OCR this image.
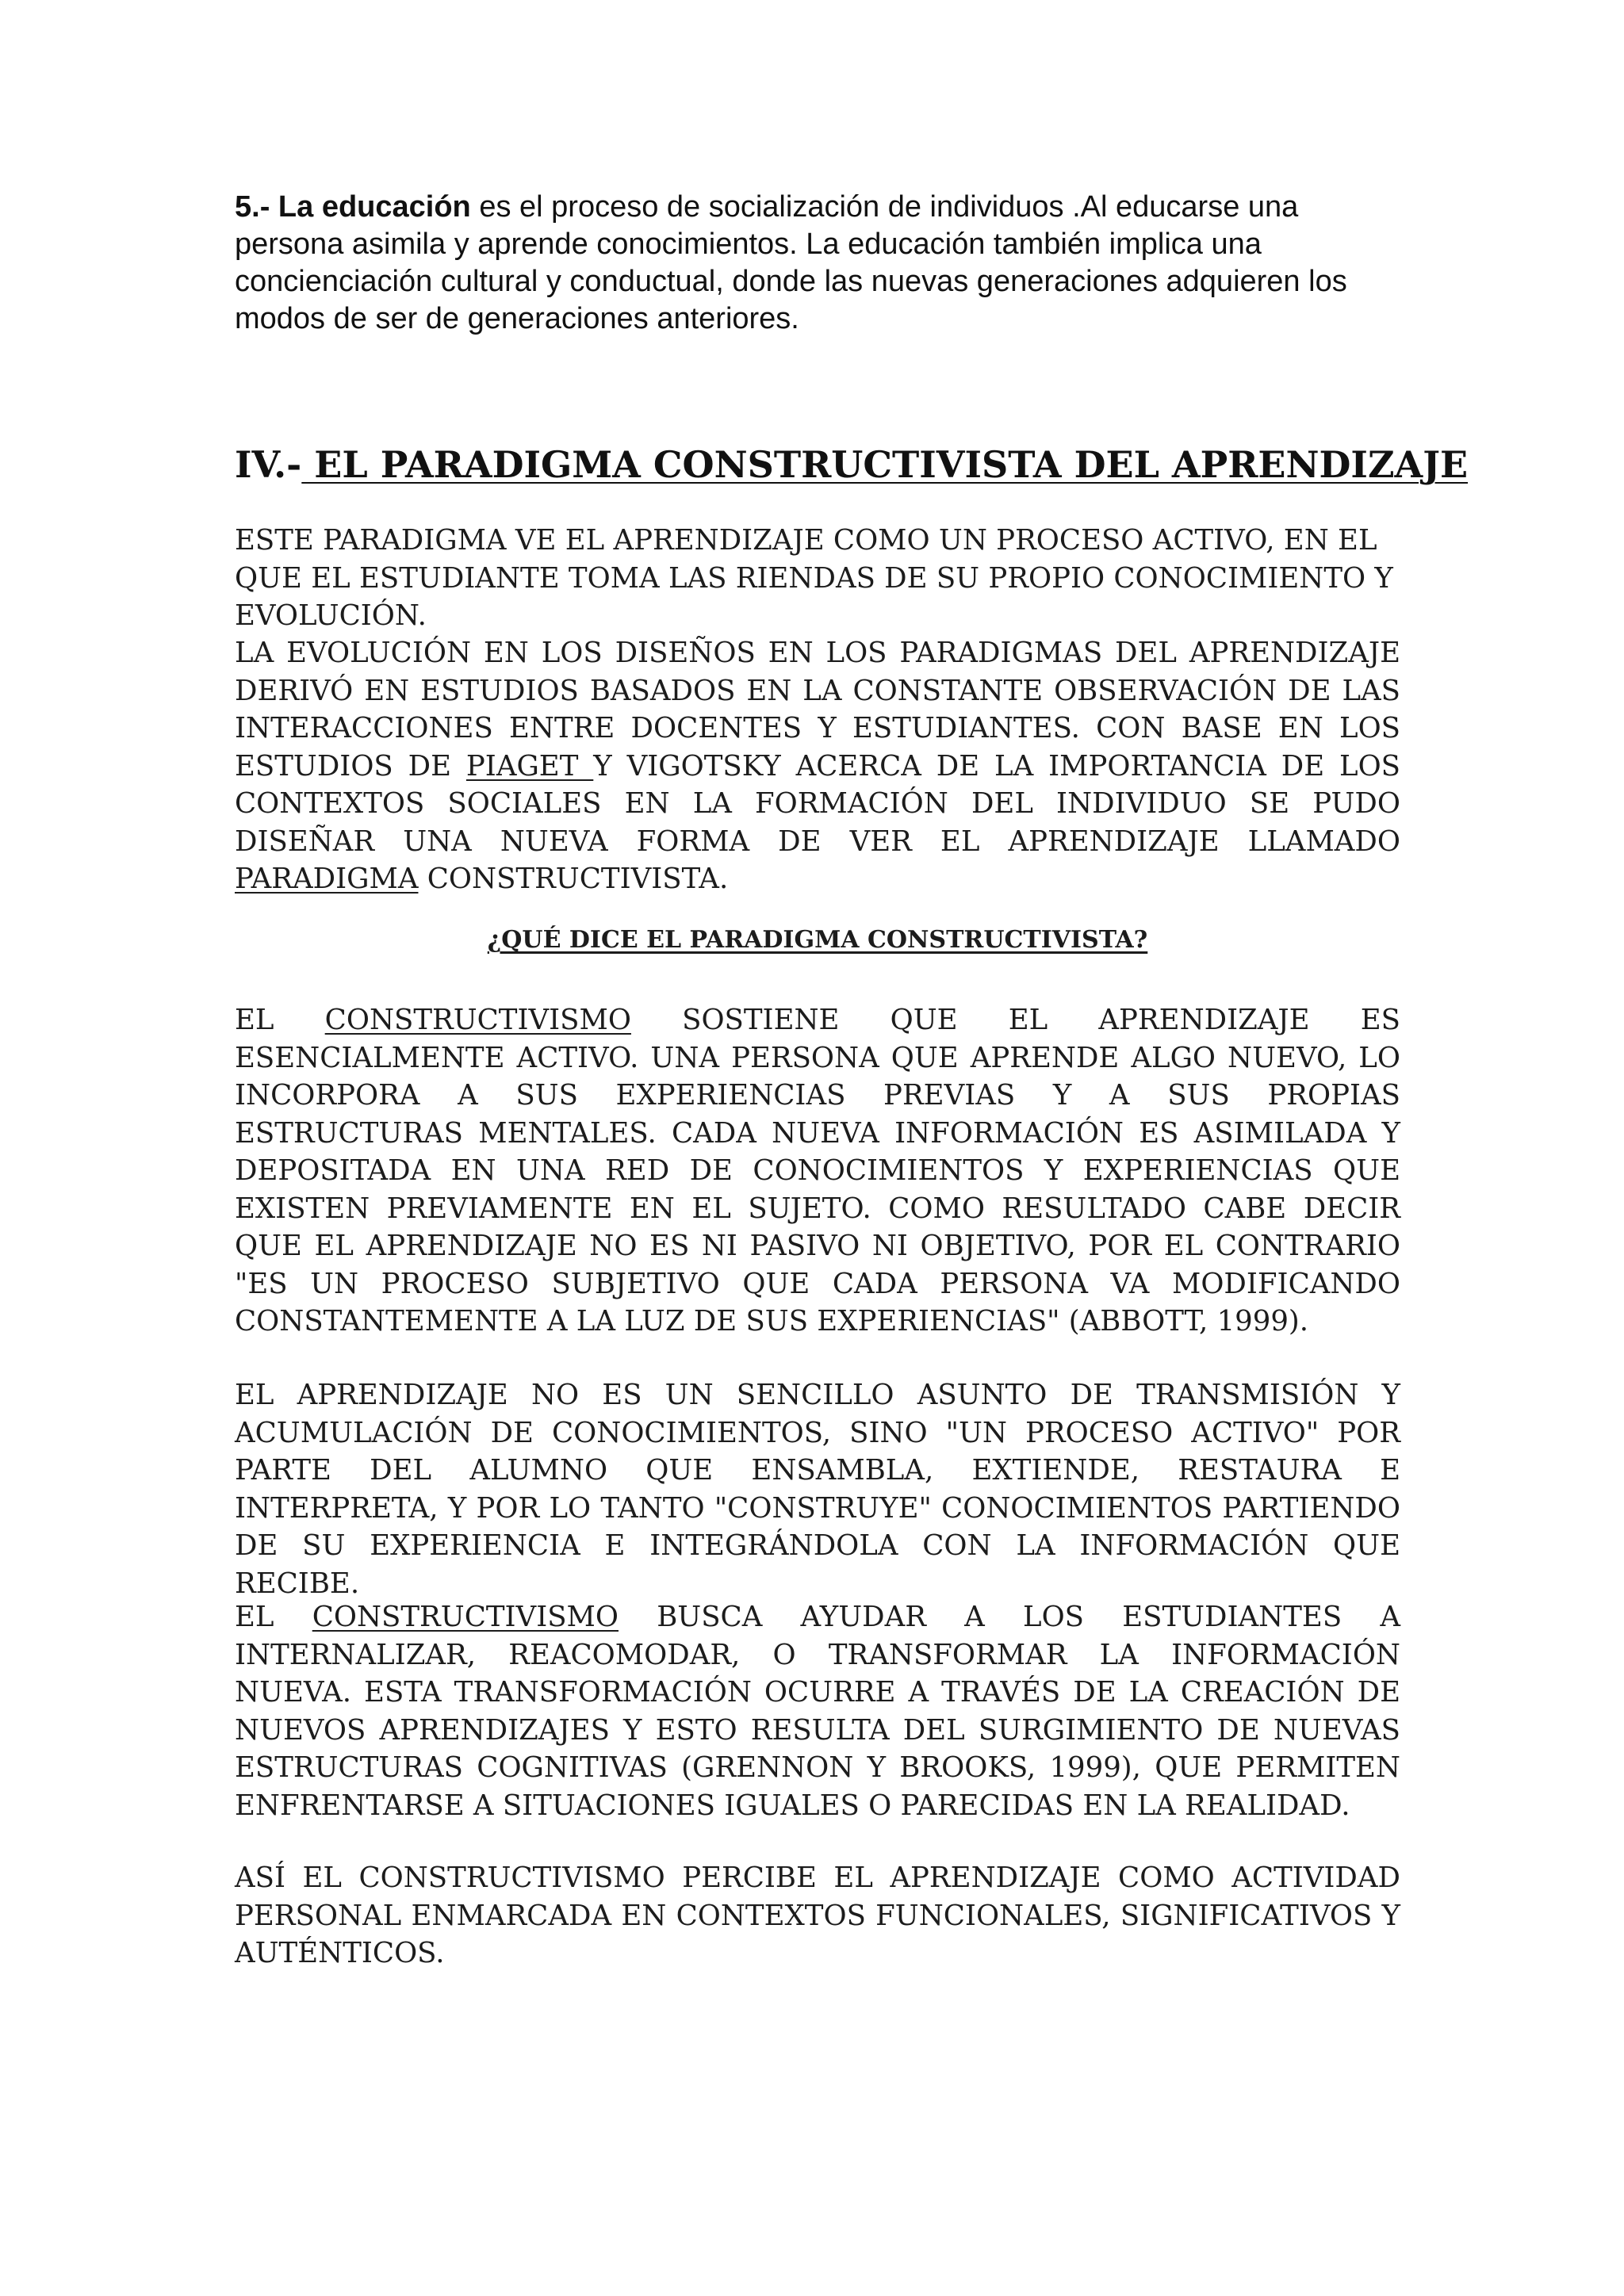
5.- La educación es el proceso de socialización de individuos .Al educarse una persona asimila y aprende conocimientos. La educación también implica una concienciación cultural y conductual, donde las nuevas generaciones adquieren los modos de ser de generaciones anteriores.

IV.- EL PARADIGMA CONSTRUCTIVISTA DEL APRENDIZAJE

ESTE PARADIGMA VE EL APRENDIZAJE COMO UN PROCESO ACTIVO, EN EL QUE EL ESTUDIANTE TOMA LAS RIENDAS DE SU PROPIO CONOCIMIENTO Y EVOLUCIÓN.

LA EVOLUCIÓN EN LOS DISEÑOS EN LOS PARADIGMAS DEL APRENDIZAJE DERIVÓ EN ESTUDIOS BASADOS EN LA CONSTANTE OBSERVACIÓN DE LAS INTERACCIONES ENTRE DOCENTES Y ESTUDIANTES. CON BASE EN LOS ESTUDIOS DE PIAGET Y VIGOTSKY ACERCA DE LA IMPORTANCIA DE LOS CONTEXTOS SOCIALES EN LA FORMACIÓN DEL INDIVIDUO SE PUDO DISEÑAR UNA NUEVA FORMA DE VER EL APRENDIZAJE LLAMADO PARADIGMA CONSTRUCTIVISTA.

¿QUÉ DICE EL PARADIGMA CONSTRUCTIVISTA?

EL CONSTRUCTIVISMO SOSTIENE QUE EL APRENDIZAJE ES ESENCIALMENTE ACTIVO. UNA PERSONA QUE APRENDE ALGO NUEVO, LO INCORPORA A SUS EXPERIENCIAS PREVIAS Y A SUS PROPIAS ESTRUCTURAS MENTALES. CADA NUEVA INFORMACIÓN ES ASIMILADA Y DEPOSITADA EN UNA RED DE CONOCIMIENTOS Y EXPERIENCIAS QUE EXISTEN PREVIAMENTE EN EL SUJETO. COMO RESULTADO CABE DECIR QUE EL APRENDIZAJE NO ES NI PASIVO NI OBJETIVO, POR EL CONTRARIO "ES UN PROCESO SUBJETIVO QUE CADA PERSONA VA MODIFICANDO CONSTANTEMENTE A LA LUZ DE SUS EXPERIENCIAS" (ABBOTT, 1999).

EL APRENDIZAJE NO ES UN SENCILLO ASUNTO DE TRANSMISIÓN Y ACUMULACIÓN DE CONOCIMIENTOS, SINO "UN PROCESO ACTIVO" POR PARTE DEL ALUMNO QUE ENSAMBLA, EXTIENDE, RESTAURA E INTERPRETA, Y POR LO TANTO "CONSTRUYE" CONOCIMIENTOS PARTIENDO DE SU EXPERIENCIA E INTEGRÁNDOLA CON LA INFORMACIÓN QUE RECIBE.

EL CONSTRUCTIVISMO BUSCA AYUDAR A LOS ESTUDIANTES A INTERNALIZAR, REACOMODAR, O TRANSFORMAR LA INFORMACIÓN NUEVA. ESTA TRANSFORMACIÓN OCURRE A TRAVÉS DE LA CREACIÓN DE NUEVOS APRENDIZAJES Y ESTO RESULTA DEL SURGIMIENTO DE NUEVAS ESTRUCTURAS COGNITIVAS (GRENNON Y BROOKS, 1999), QUE PERMITEN ENFRENTARSE A SITUACIONES IGUALES O PARECIDAS EN LA REALIDAD.

ASÍ EL CONSTRUCTIVISMO PERCIBE EL APRENDIZAJE COMO ACTIVIDAD PERSONAL ENMARCADA EN CONTEXTOS FUNCIONALES, SIGNIFICATIVOS Y AUTÉNTICOS.
